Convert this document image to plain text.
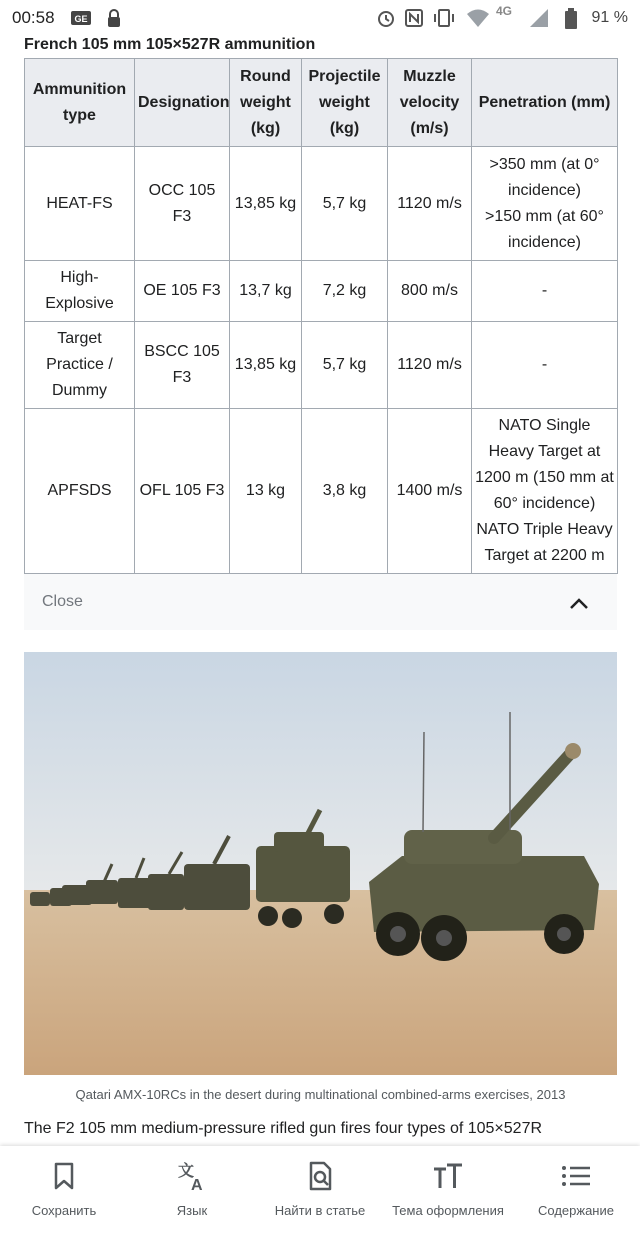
00:58 GE
4G	91 %
French 105 mm 105×527R ammunition
Ammunition type	Designation	Round weight (kg)	Projectile weight (kg)	Muzzle velocity (m/s)	Penetration (mm)
HEAT-FS	OCC 105 F3	13,85 kg	5,7 kg	1120 m/s	>350 mm (at 0° incidence)
>150 mm (at 60° incidence)

High-Explosive	OE 105 F3	13,7 kg	7,2 kg	800 m/s	-
Target Practice / Dummy	BSCC 105 F3	13,85 kg	5,7 kg	1120 m/s	-
APFSDS	OFL 105 F3	13 kg	3,8 kg	1400 m/s	NATO Single Heavy Target at 1200 m (150 mm at 60° incidence)
NATO Triple Heavy Target at 2200 m
Close
Qatari AMX-10RCs in the desert during multinational combined-arms exercises, 2013
The F2 105 mm medium-pressure rifled gun fires four types of 105×527R
Сохранить
文
A
Язык	Найти в статье	Тема оформления	Содержание
